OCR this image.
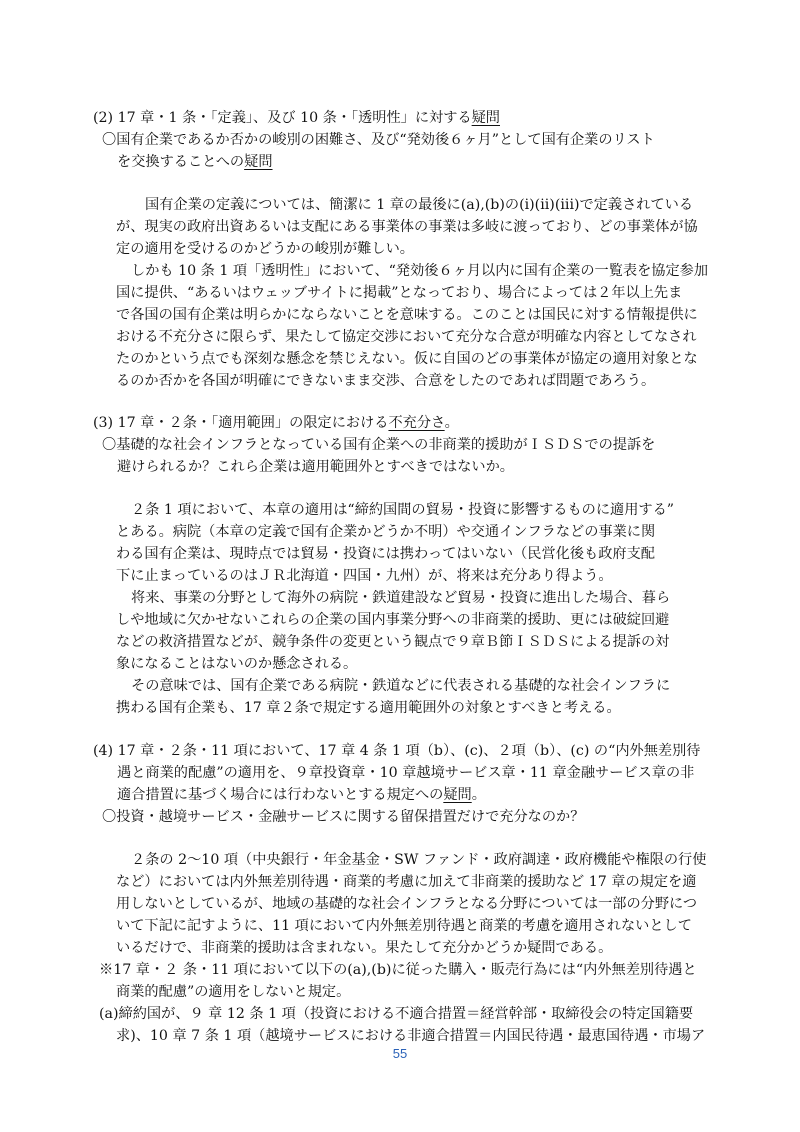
(2) 17 章・1 条・「定義」、及び 10 条・「透明性」に対する疑問
〇国有企業であるか否かの峻別の困難さ、及び“発効後６ヶ月”として国有企業のリスト
を交換することへの疑問
国有企業の定義については、簡潔に 1 章の最後に(a),(b)の(i)(ii)(iii)で定義されている
が、現実の政府出資あるいは支配にある事業体の事業は多岐に渡っており、どの事業体が協
定の適用を受けるのかどうかの峻別が難しい。
しかも 10 条 1 項「透明性」において、“発効後６ヶ月以内に国有企業の一覧表を協定参加
国に提供、“あるいはウェッブサイトに掲載”となっており、場合によっては２年以上先ま
で各国の国有企業は明らかにならないことを意味する。このことは国民に対する情報提供に
おける不充分さに限らず、果たして協定交渉において充分な合意が明確な内容としてなされ
たのかという点でも深刻な懸念を禁じえない。仮に自国のどの事業体が協定の適用対象とな
るのか否かを各国が明確にできないまま交渉、合意をしたのであれば問題であろう。
(3) 17 章・２条・「適用範囲」の限定における不充分さ。
〇基礎的な社会インフラとなっている国有企業への非商業的援助がＩＳＤＳでの提訴を
避けられるか？これら企業は適用範囲外とすべきではないか。
２条 1 項において、本章の適用は“締約国間の貿易・投資に影響するものに適用する”
とある。病院（本章の定義で国有企業かどうか不明）や交通インフラなどの事業に関
わる国有企業は、現時点では貿易・投資には携わってはいない（民営化後も政府支配
下に止まっているのはＪＲ北海道・四国・九州）が、将来は充分あり得よう。
将来、事業の分野として海外の病院・鉄道建設など貿易・投資に進出した場合、暮ら
しや地域に欠かせないこれらの企業の国内事業分野への非商業的援助、更には破綻回避
などの救済措置などが、競争条件の変更という観点で９章Ｂ節ＩＳＤＳによる提訴の対
象になることはないのか懸念される。
その意味では、国有企業である病院・鉄道などに代表される基礎的な社会インフラに
携わる国有企業も、17 章２条で規定する適用範囲外の対象とすべきと考える。
(4) 17 章・２条・11 項において、17 章 4 条 1 項（b）、(c)、２項（b）、(c) の“内外無差別待
遇と商業的配慮”の適用を、９章投資章・10 章越境サービス章・11 章金融サービス章の非
適合措置に基づく場合には行わないとする規定への疑問。
〇投資・越境サービス・金融サービスに関する留保措置だけで充分なのか？
２条の 2～10 項（中央銀行・年金基金・SW ファンド・政府調達・政府機能や権限の行使
など）においては内外無差別待遇・商業的考慮に加えて非商業的援助など 17 章の規定を適
用しないとしているが、地域の基礎的な社会インフラとなる分野については一部の分野につ
いて下記に記すように、11 項において内外無差別待遇と商業的考慮を適用されないとして
いるだけで、非商業的援助は含まれない。果たして充分かどうか疑問である。
※17 章・２ 条・11 項において以下の(a),(b)に従った購入・販売行為には“内外無差別待遇と
商業的配慮”の適用をしないと規定。
(a)締約国が、９ 章 12 条 1 項（投資における不適合措置＝経営幹部・取締役会の特定国籍要
求)、10 章 7 条 1 項（越境サービスにおける非適合措置＝内国民待遇・最恵国待遇・市場ア
55
